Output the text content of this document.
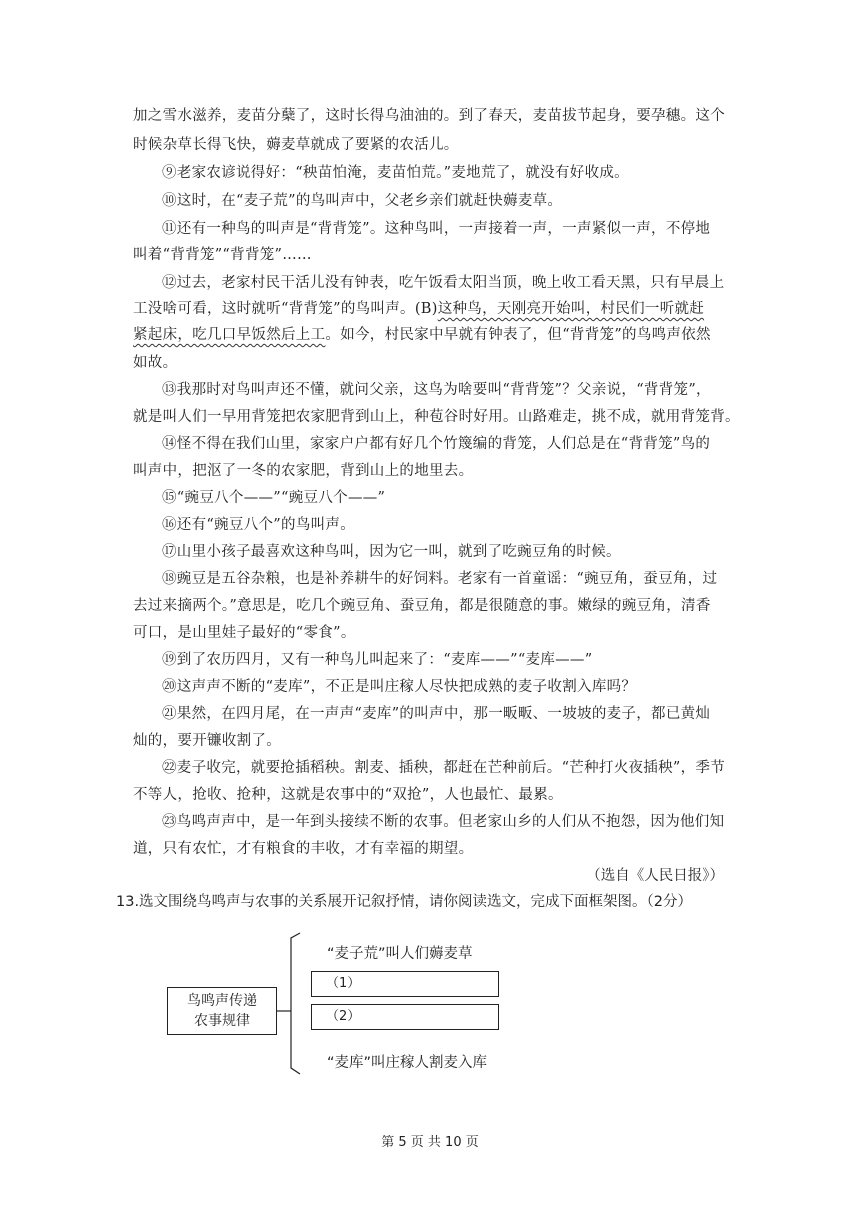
加之雪水滋养，麦苗分蘖了，这时长得乌油油的。到了春天，麦苗拔节起身，要孕穗。这个
时候杂草长得飞快，薅麦草就成了要紧的农活儿。
⑨老家农谚说得好：“秧苗怕淹，麦苗怕荒。”麦地荒了，就没有好收成。
⑩这时，在“麦子荒”的鸟叫声中，父老乡亲们就赶快薅麦草。
⑪还有一种鸟的叫声是“背背笼”。这种鸟叫，一声接着一声，一声紧似一声，不停地
叫着“背背笼”“背背笼”……
⑫过去，老家村民干活儿没有钟表，吃午饭看太阳当顶，晚上收工看天黑，只有早晨上
工没啥可看，这时就听“背背笼”的鸟叫声。(B)这种鸟，天刚亮开始叫，村民们一听就赶
紧起床，吃几口早饭然后上工。如今，村民家中早就有钟表了，但“背背笼”的鸟鸣声依然
如故。
⑬我那时对鸟叫声还不懂，就问父亲，这鸟为啥要叫“背背笼”？父亲说，“背背笼”，
就是叫人们一早用背笼把农家肥背到山上，种苞谷时好用。山路难走，挑不成，就用背笼背。
⑭怪不得在我们山里，家家户户都有好几个竹篾编的背笼，人们总是在“背背笼”鸟的
叫声中，把沤了一冬的农家肥，背到山上的地里去。
⑮“豌豆八个——”“豌豆八个——”
⑯还有“豌豆八个”的鸟叫声。
⑰山里小孩子最喜欢这种鸟叫，因为它一叫，就到了吃豌豆角的时候。
⑱豌豆是五谷杂粮，也是补养耕牛的好饲料。老家有一首童谣：“豌豆角，蚕豆角，过
去过来摘两个。”意思是，吃几个豌豆角、蚕豆角，都是很随意的事。嫩绿的豌豆角，清香
可口，是山里娃子最好的“零食”。
⑲到了农历四月，又有一种鸟儿叫起来了：“麦库——”“麦库——”
⑳这声声不断的“麦库”，不正是叫庄稼人尽快把成熟的麦子收割入库吗？
㉑果然，在四月尾，在一声声“麦库”的叫声中，那一畈畈、一坡坡的麦子，都已黄灿
灿的，要开镰收割了。
㉒麦子收完，就要抢插稻秧。割麦、插秧，都赶在芒种前后。“芒种打火夜插秧”，季节
不等人，抢收、抢种，这就是农事中的“双抢”，人也最忙、最累。
㉓鸟鸣声声中，是一年到头接续不断的农事。但老家山乡的人们从不抱怨，因为他们知
道，只有农忙，才有粮食的丰收，才有幸福的期望。
（选自《人民日报》）
13.选文围绕鸟鸣声与农事的关系展开记叙抒情，请你阅读选文，完成下面框架图。（2分）
鸟鸣声传递
农事规律
“麦子荒”叫人们薅麦草
（1）
（2）
“麦库”叫庄稼人割麦入库
第 5 页 共 10 页
